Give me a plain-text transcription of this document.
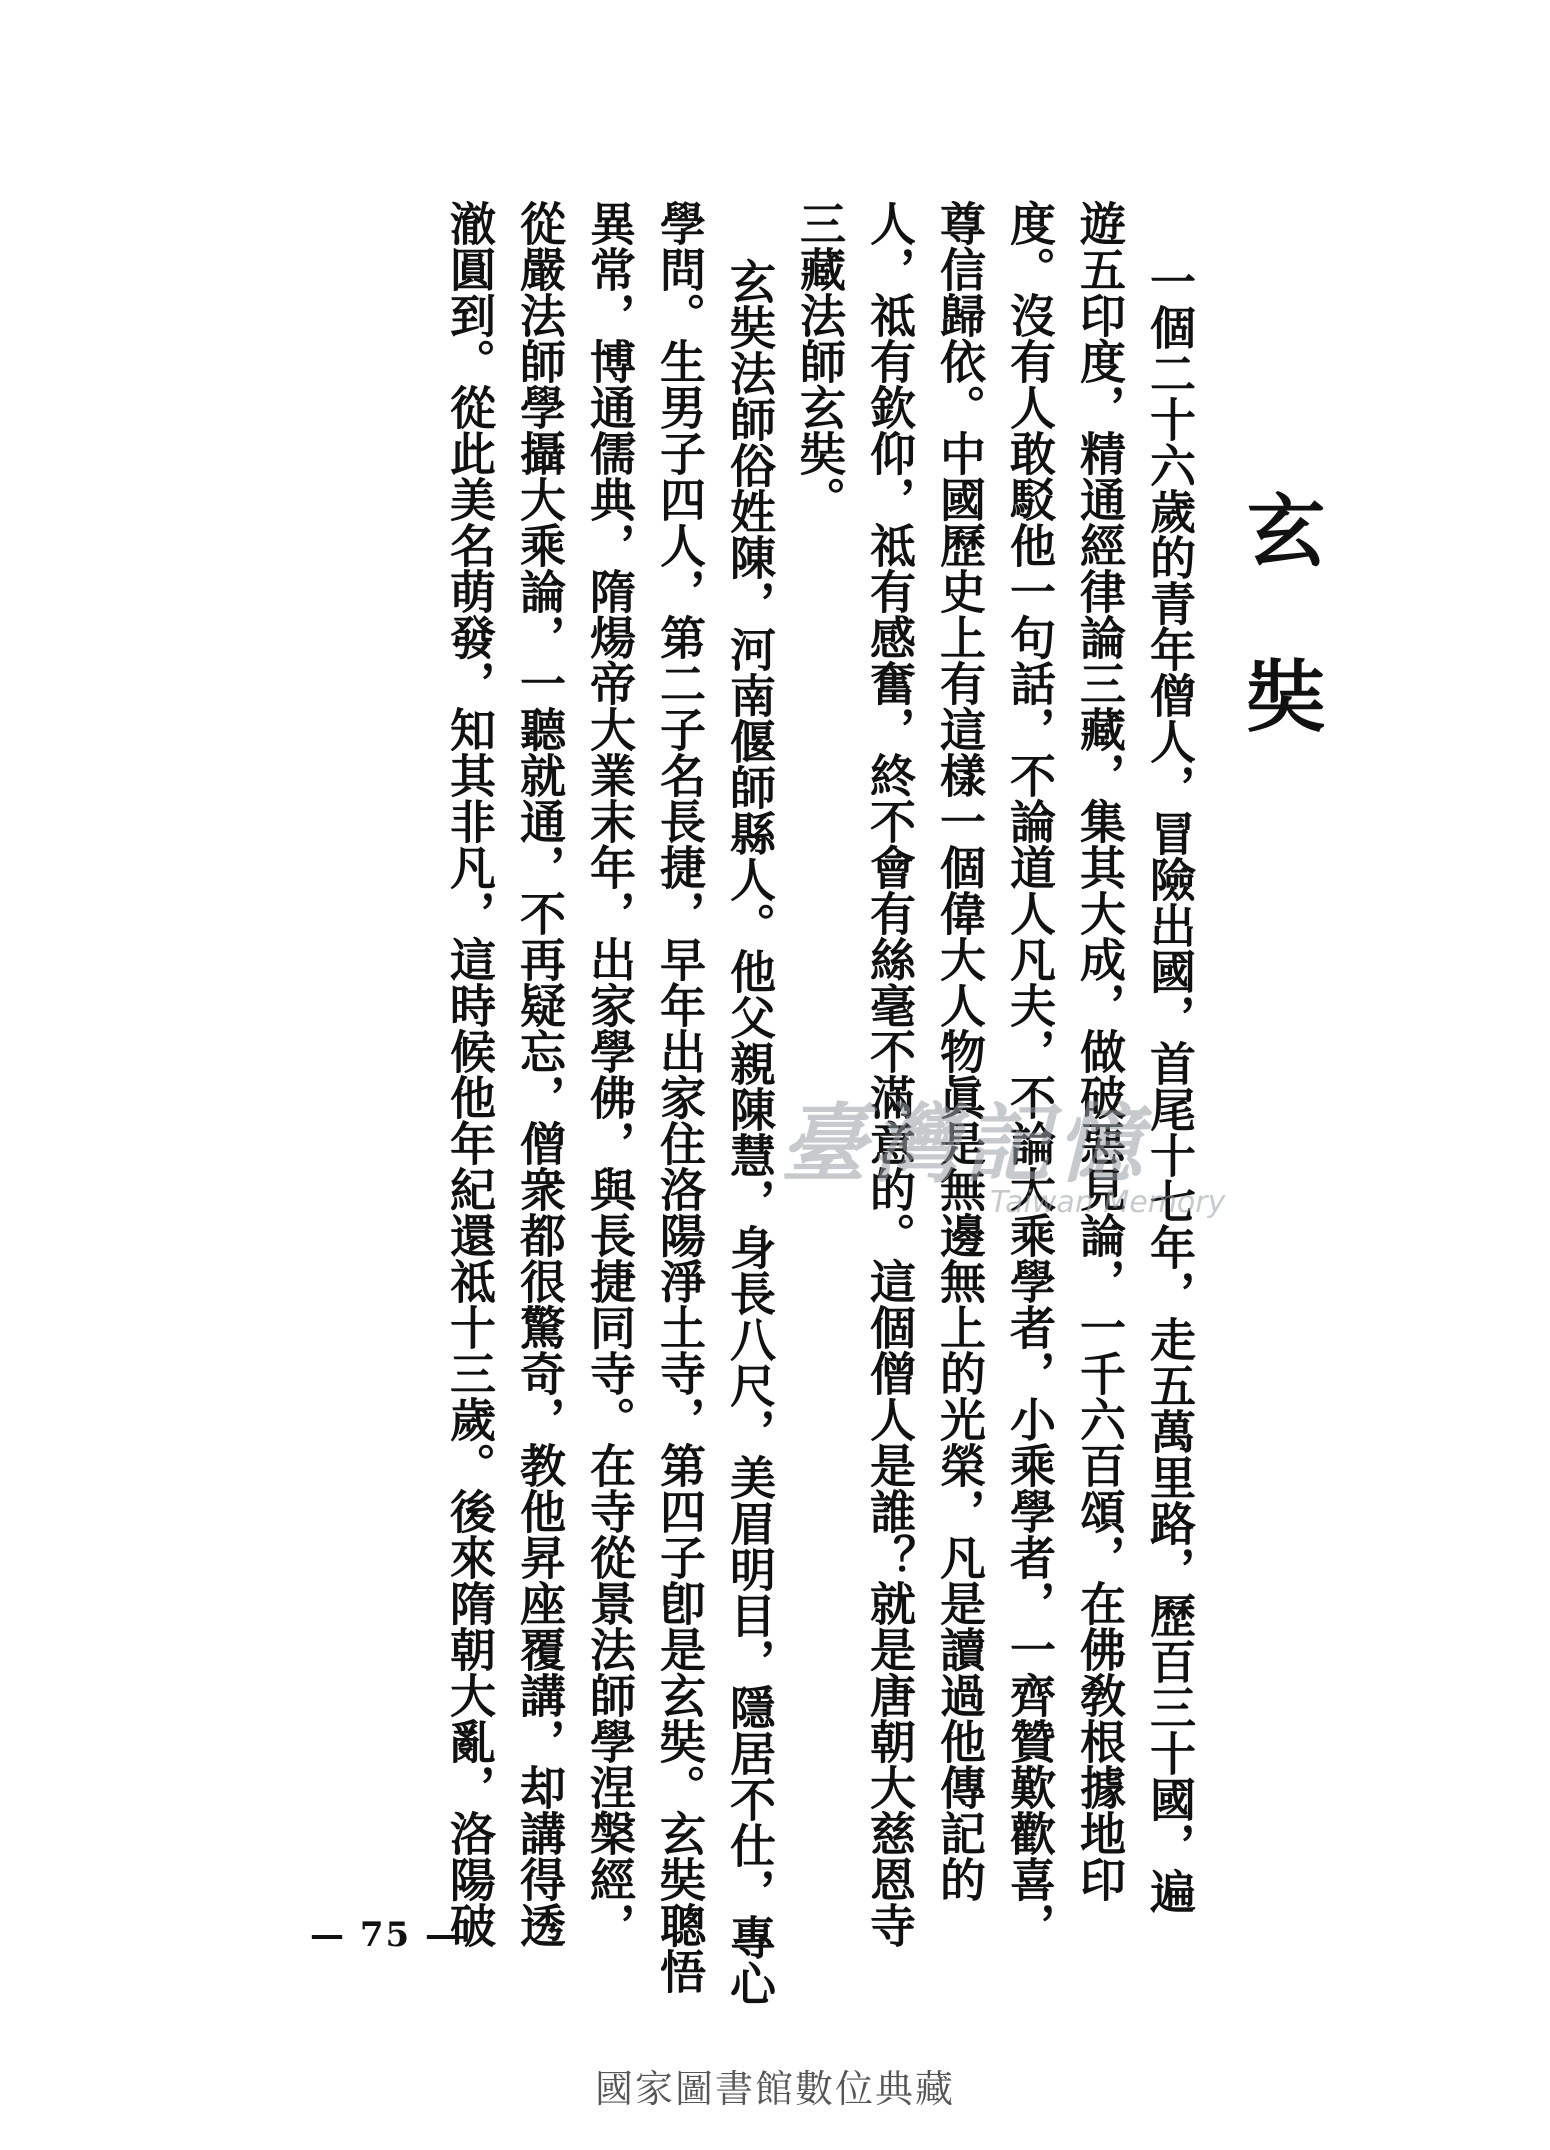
玄 奘
一個二十六歲的青年僧人，冒險出國，首尾十七年，走五萬里路，歷百三十國，遍
遊五印度，精通經律論三藏，集其大成，做破惡見論，一千六百頌，在佛敎根據地印
度。沒有人敢駁他一句話，不論道人凡夫，不論大乘學者，小乘學者，一齊贊歎歡喜，
尊信歸依。中國歷史上有這樣一個偉大人物眞是無邊無上的光榮，凡是讀過他傳記的
人，祗有欽仰，祗有感奮，終不會有絲毫不滿意的。這個僧人是誰？就是唐朝大慈恩寺
三藏法師玄奘。
玄奘法師俗姓陳，河南偃師縣人。他父親陳慧，身長八尺，美眉明目，隱居不仕，專心
學問。生男子四人，第二子名長捷，早年出家住洛陽淨土寺，第四子卽是玄奘。玄奘聰悟
異常，博通儒典，隋煬帝大業末年，出家學佛，與長捷同寺。在寺從景法師學涅槃經，
從嚴法師學攝大乘論，一聽就通，不再疑忘，僧衆都很驚奇，教他昇座覆講，却講得透
澈圓到。從此美名萌發，知其非凡，這時候他年紀還祗十三歲。後來隋朝大亂，洛陽破	臺灣記憶
Taiwan Memory
— 75 —
國家圖書館數位典藏
